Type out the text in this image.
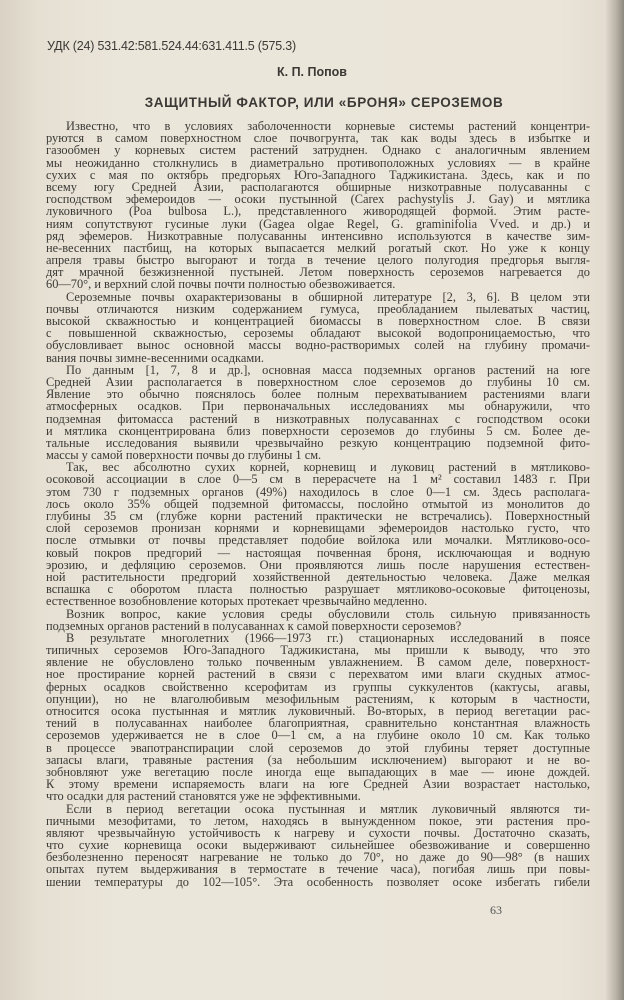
УДК (24) 531.42:581.524.44:631.411.5 (575.3)
К. П. Попов
ЗАЩИТНЫЙ ФАКТОР, ИЛИ «БРОНЯ» СЕРОЗЕМОВ
Известно, что в условиях заболоченности корневые системы растений концентри-
руются в самом поверхностном слое почвогрунта, так как воды здесь в избытке и
газообмен у корневых систем растений затруднен. Однако с аналогичным явлением
мы неожиданно столкнулись в диаметрально противоположных условиях — в крайне
сухих с мая по октябрь предгорьях Юго-Западного Таджикистана. Здесь, как и по
всему югу Средней Азии, располагаются обширные низкотравные полусаванны с
господством эфемероидов — осоки пустынной (Carex pachystylis J. Gay) и мятлика
луковичного (Poa bulbosa L.), представленного живородящей формой. Этим расте-
ниям сопутствуют гусиные луки (Gagea olgae Regel, G. graminifolia Vved. и др.) и
ряд эфемеров. Низкотравные полусаванны интенсивно используются в качестве зим-
не-весенних пастбищ, на которых выпасается мелкий рогатый скот. Но уже к концу
апреля травы быстро выгорают и тогда в течение целого полугодия предгорья выгля-
дят мрачной безжизненной пустыней. Летом поверхность сероземов нагревается до
60—70°, и верхний слой почвы почти полностью обезвоживается.
Сероземные почвы охарактеризованы в обширной литературе [2, 3, 6]. В целом эти
почвы отличаются низким содержанием гумуса, преобладанием пылеватых частиц,
высокой скважностью и концентрацией биомассы в поверхностном слое. В связи
с повышенной скважностью, сероземы обладают высокой водопроницаемостью, что
обусловливает вынос основной массы водно-растворимых солей на глубину промачи-
вания почвы зимне-весенними осадками.
По данным [1, 7, 8 и др.], основная масса подземных органов растений на юге
Средней Азии располагается в поверхностном слое сероземов до глубины 10 см.
Явление это обычно пояснялось более полным перехватыванием растениями влаги
атмосферных осадков. При первоначальных исследованиях мы обнаружили, что
подземная фитомасса растений в низкотравных полусаваннах с господством осоки
и мятлика сконцентрирована близ поверхности сероземов до глубины 5 см. Более де-
тальные исследования выявили чрезвычайно резкую концентрацию подземной фито-
массы у самой поверхности почвы до глубины 1 см.
Так, вес абсолютно сухих корней, корневищ и луковиц растений в мятликово-
осоковой ассоциации в слое 0—5 см в перерасчете на 1 м² составил 1483 г. При
этом 730 г подземных органов (49%) находилось в слое 0—1 см. Здесь располага-
лось около 35% общей подземной фитомассы, послойно отмытой из монолитов до
глубины 35 см (глубже корни растений практически не встречались). Поверхностный
слой сероземов пронизан корнями и корневищами эфемероидов настолько густо, что
после отмывки от почвы представляет подобие войлока или мочалки. Мятликово-осо-
ковый покров предгорий — настоящая почвенная броня, исключающая и водную
эрозию, и дефляцию сероземов. Они проявляются лишь после нарушения естествен-
ной растительности предгорий хозяйственной деятельностью человека. Даже мелкая
вспашка с оборотом пласта полностью разрушает мятликово-осоковые фитоценозы,
естественное возобновление которых протекает чрезвычайно медленно.
Возник вопрос, какие условия среды обусловили столь сильную привязанность
подземных органов растений в полусаваннах к самой поверхности сероземов?
В результате многолетних (1966—1973 гг.) стационарных исследований в поясе
типичных сероземов Юго-Западного Таджикистана, мы пришли к выводу, что это
явление не обусловлено только почвенным увлажнением. В самом деле, поверхност-
ное простирание корней растений в связи с перехватом ими влаги скудных атмос-
ферных осадков свойственно ксерофитам из группы суккулентов (кактусы, агавы,
опунции), но не влаголюбивым мезофильным растениям, к которым в частности,
относится осока пустынная и мятлик луковичный. Во-вторых, в период вегетации рас-
тений в полусаваннах наиболее благоприятная, сравнительно константная влажность
сероземов удерживается не в слое 0—1 см, а на глубине около 10 см. Как только
в процессе эвапотранспирации слой сероземов до этой глубины теряет доступные
запасы влаги, травяные растения (за небольшим исключением) выгорают и не во-
зобновляют уже вегетацию после иногда еще выпадающих в мае — июне дождей.
К этому времени испаряемость влаги на юге Средней Азии возрастает настолько,
что осадки для растений становятся уже не эффективными.
Если в период вегетации осока пустынная и мятлик луковичный являются ти-
пичными мезофитами, то летом, находясь в вынужденном покое, эти растения про-
являют чрезвычайную устойчивость к нагреву и сухости почвы. Достаточно сказать,
что сухие корневища осоки выдерживают сильнейшее обезвоживание и совершенно
безболезненно переносят нагревание не только до 70°, но даже до 90—98° (в наших
опытах путем выдерживания в термостате в течение часа), погибая лишь при повы-
шении температуры до 102—105°. Эта особенность позволяет осоке избегать гибели
63
